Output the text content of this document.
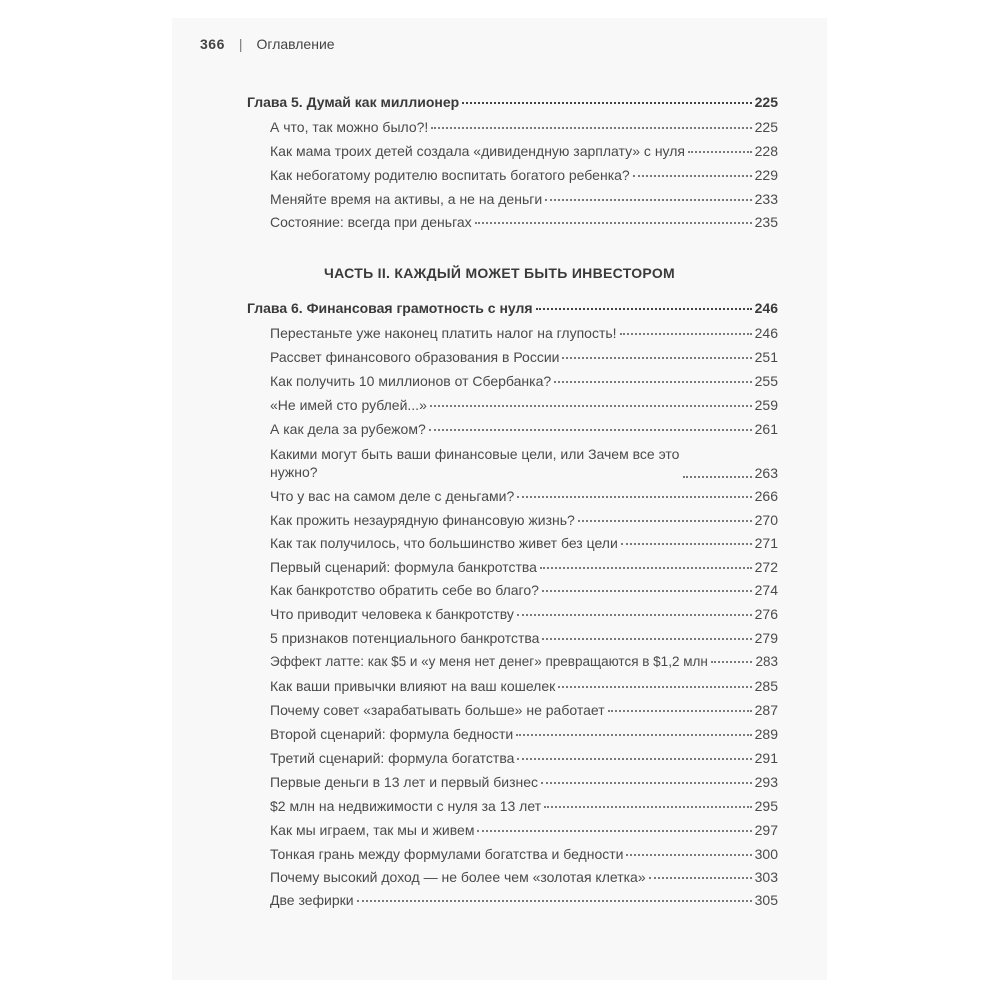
366 | Оглавление
Глава 5. Думай как миллионер	225
А что, так можно было?!	225
Как мама троих детей создала «дивидендную зарплату» с нуля	228
Как небогатому родителю воспитать богатого ребенка?	229
Меняйте время на активы, а не на деньги	233
Состояние: всегда при деньгах	235
ЧАСТЬ II. КАЖДЫЙ МОЖЕТ БЫТЬ ИНВЕСТОРОМ
Глава 6. Финансовая грамотность с нуля	246
Перестаньте уже наконец платить налог на глупость!	246
Рассвет финансового образования в России	251
Как получить 10 миллионов от Сбербанка?	255
«Не имей сто рублей...»	259
А как дела за рубежом?	261
Какими могут быть ваши финансовые цели, или Зачем все это нужно?	263
Что у вас на самом деле с деньгами?	266
Как прожить незаурядную финансовую жизнь?	270
Как так получилось, что большинство живет без цели	271
Первый сценарий: формула банкротства	272
Как банкротство обратить себе во благо?	274
Что приводит человека к банкротству	276
5 признаков потенциального банкротства	279
Эффект латте: как $5 и «у меня нет денег» превращаются в $1,2 млн	283
Как ваши привычки влияют на ваш кошелек	285
Почему совет «зарабатывать больше» не работает	287
Второй сценарий: формула бедности	289
Третий сценарий: формула богатства	291
Первые деньги в 13 лет и первый бизнес	293
$2 млн на недвижимости с нуля за 13 лет	295
Как мы играем, так мы и живем	297
Тонкая грань между формулами богатства и бедности	300
Почему высокий доход — не более чем «золотая клетка»	303
Две зефирки	305
